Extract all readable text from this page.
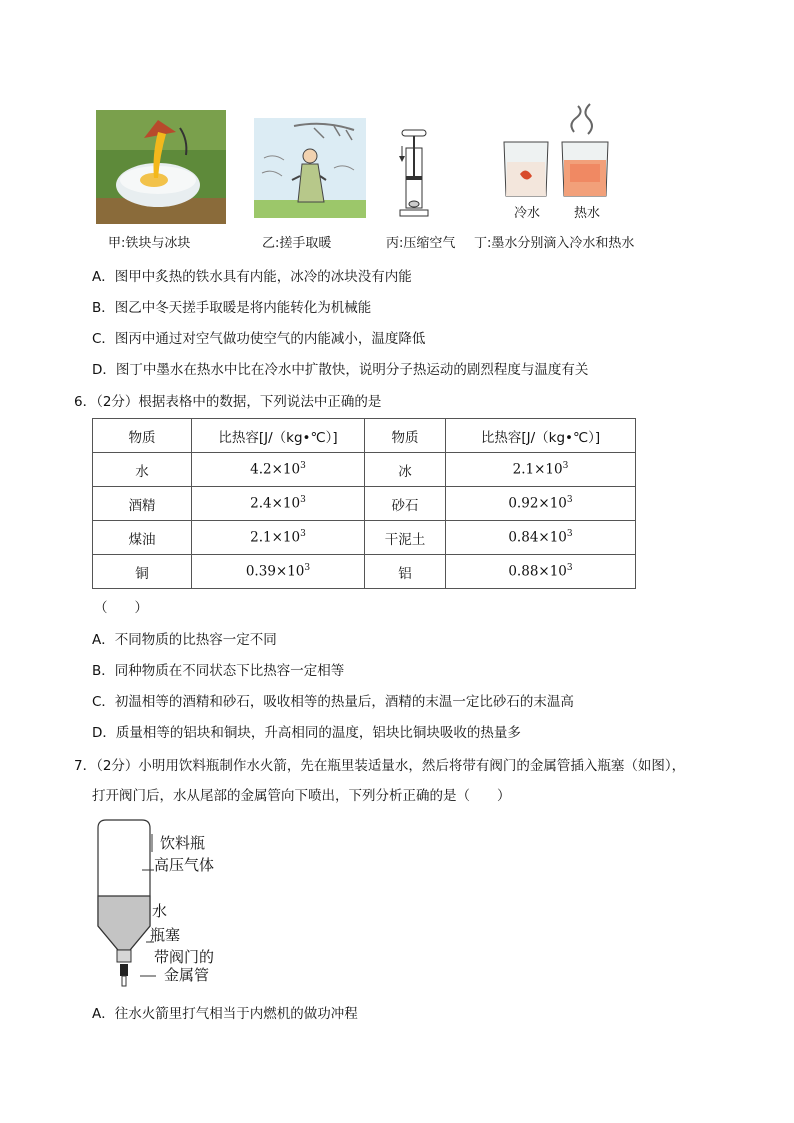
冷水	热水
甲:铁块与冰块	乙:搓手取暖	丙:压缩空气 丁:墨水分别滴入冷水和热水
A．图甲中炙热的铁水具有内能，冰冷的冰块没有内能
B．图乙中冬天搓手取暖是将内能转化为机械能
C．图丙中通过对空气做功使空气的内能减小，温度降低
D．图丁中墨水在热水中比在冷水中扩散快，说明分子热运动的剧烈程度与温度有关
6．（2分）根据表格中的数据，下列说法中正确的是
物质	比热容[J/（kg•℃）]	物质	比热容[J/（kg•℃）]
水	$4.2\times 10^3$	冰	$2.1\times 10^3$
酒精	$2.4\times 10^3$	砂石	$0.92\times 10^3$
煤油	$2.1\times 10^3$	干泥土	$0.84\times 10^3$
铜	$0.39\times 10^3$	铝	$0.88\times 10^3$
（　　）
A．不同物质的比热容一定不同
B．同种物质在不同状态下比热容一定相等
C．初温相等的酒精和砂石，吸收相等的热量后，酒精的末温一定比砂石的末温高
D．质量相等的铝块和铜块，升高相同的温度，铝块比铜块吸收的热量多
7．（2分）小明用饮料瓶制作水火箭，先在瓶里装适量水，然后将带有阀门的金属管插入瓶塞（如图），
打开阀门后，水从尾部的金属管向下喷出，下列分析正确的是（　　）
饮料瓶
高压气体
水
瓶塞
带阀门的
金属管
A．往水火箭里打气相当于内燃机的做功冲程
